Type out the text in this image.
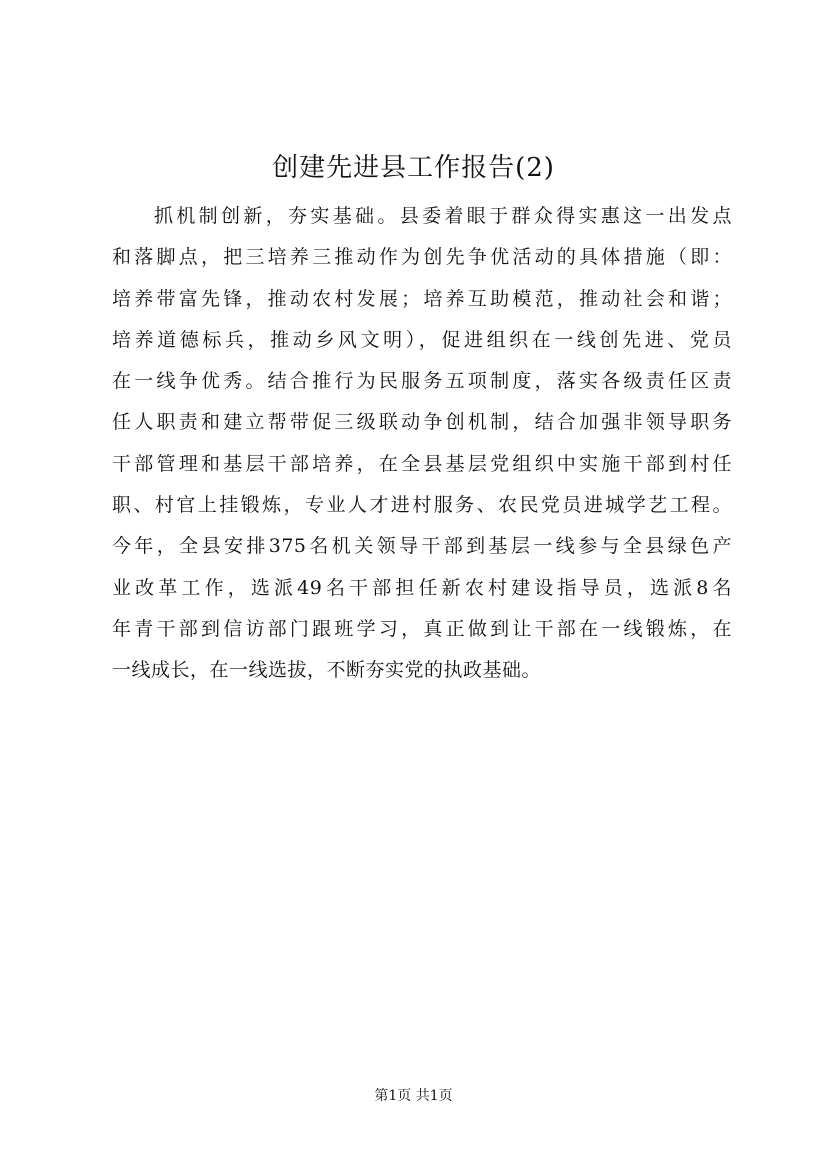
创建先进县工作报告(2)
抓机制创新，夯实基础。县委着眼于群众得实惠这一出发点
和落脚点，把三培养三推动作为创先争优活动的具体措施（即：
培养带富先锋，推动农村发展；培养互助模范，推动社会和谐；
培养道德标兵，推动乡风文明），促进组织在一线创先进、党员
在一线争优秀。结合推行为民服务五项制度，落实各级责任区责
任人职责和建立帮带促三级联动争创机制，结合加强非领导职务
干部管理和基层干部培养，在全县基层党组织中实施干部到村任
职、村官上挂锻炼，专业人才进村服务、农民党员进城学艺工程。
今年，全县安排375名机关领导干部到基层一线参与全县绿色产
业改革工作，选派49名干部担任新农村建设指导员，选派8名
年青干部到信访部门跟班学习，真正做到让干部在一线锻炼，在
一线成长，在一线选拔，不断夯实党的执政基础。
第1页 共1页
